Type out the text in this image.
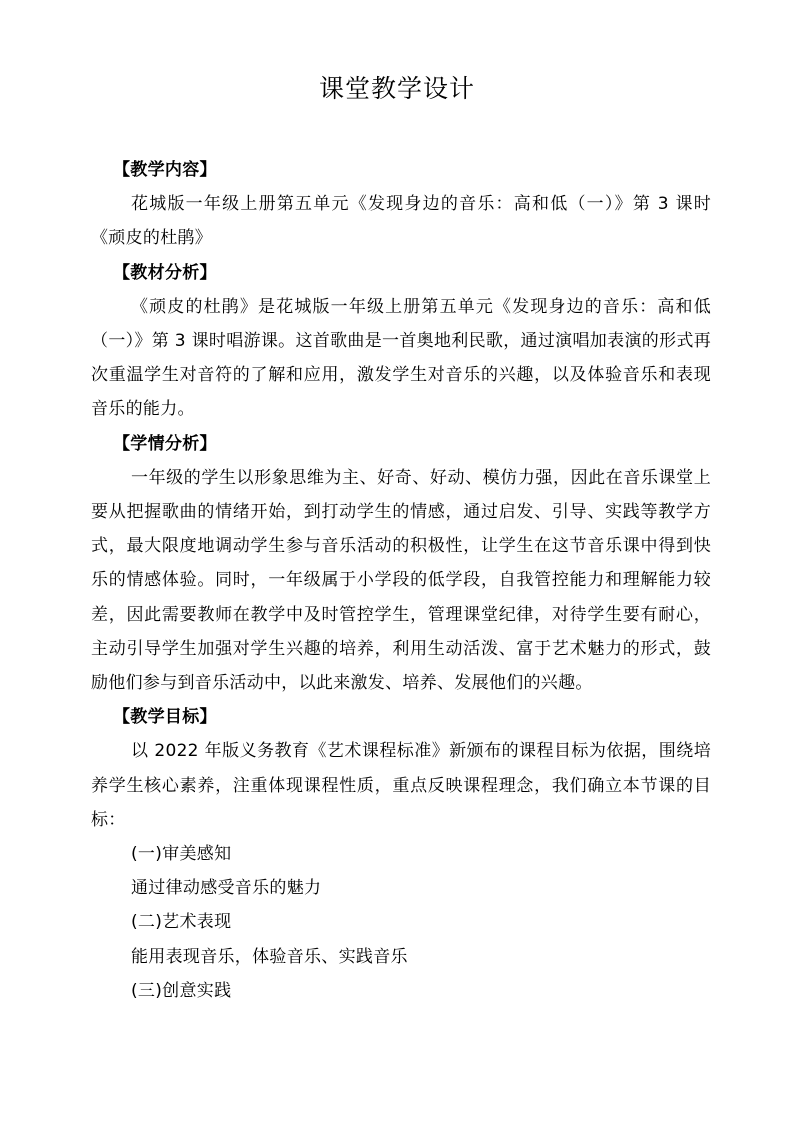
课堂教学设计

【教学内容】

花城版一年级上册第五单元《发现身边的音乐：高和低（一）》第 3 课时《顽皮的杜鹃》

【教材分析】

《顽皮的杜鹃》是花城版一年级上册第五单元《发现身边的音乐：高和低（一）》第 3 课时唱游课。这首歌曲是一首奥地利民歌，通过演唱加表演的形式再次重温学生对音符的了解和应用，激发学生对音乐的兴趣，以及体验音乐和表现音乐的能力。

【学情分析】

一年级的学生以形象思维为主、好奇、好动、模仿力强，因此在音乐课堂上要从把握歌曲的情绪开始，到打动学生的情感，通过启发、引导、实践等教学方式，最大限度地调动学生参与音乐活动的积极性，让学生在这节音乐课中得到快乐的情感体验。同时，一年级属于小学段的低学段，自我管控能力和理解能力较差，因此需要教师在教学中及时管控学生，管理课堂纪律，对待学生要有耐心，主动引导学生加强对学生兴趣的培养，利用生动活泼、富于艺术魅力的形式，鼓励他们参与到音乐活动中，以此来激发、培养、发展他们的兴趣。

【教学目标】

以 2022 年版义务教育《艺术课程标准》新颁布的课程目标为依据，围绕培养学生核心素养，注重体现课程性质，重点反映课程理念，我们确立本节课的目标：

(一)审美感知

通过律动感受音乐的魅力

(二)艺术表现

能用表现音乐，体验音乐、实践音乐

(三)创意实践
